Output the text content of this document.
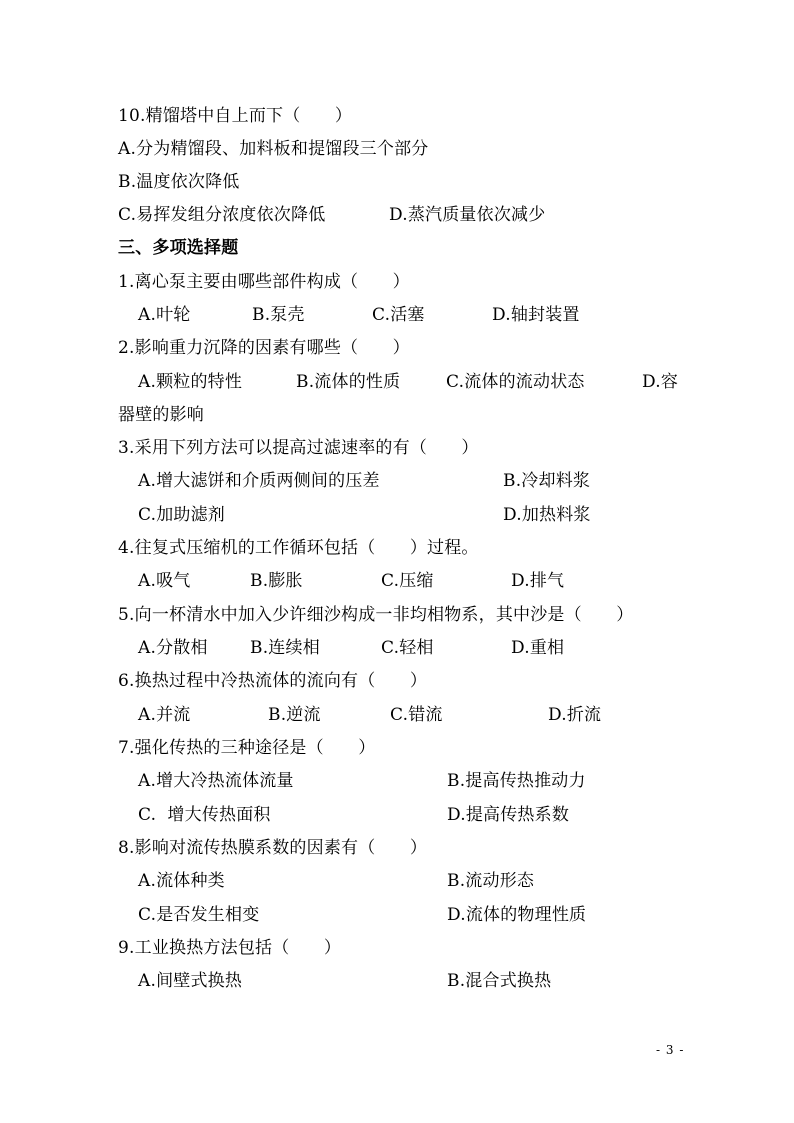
10.精馏塔中自上而下（　　）
A.分为精馏段、加料板和提馏段三个部分
B.温度依次降低
C.易挥发组分浓度依次降低	D.蒸汽质量依次减少
三、多项选择题
1.离心泵主要由哪些部件构成（　　）
A.叶轮	B.泵壳	C.活塞	D.轴封装置
2.影响重力沉降的因素有哪些（　　）
A.颗粒的特性	B.流体的性质	C.流体的流动状态	D.容
器壁的影响
3.采用下列方法可以提高过滤速率的有（　　）
A.增大滤饼和介质两侧间的压差	B.冷却料浆
C.加助滤剂	D.加热料浆
4.往复式压缩机的工作循环包括（　　）过程。
A.吸气	B.膨胀	C.压缩	D.排气
5.向一杯清水中加入少许细沙构成一非均相物系，其中沙是（　　）
A.分散相 B.连续相	C.轻相	D.重相
6.换热过程中冷热流体的流向有（　　）
A.并流	B.逆流	C.错流	D.折流
7.强化传热的三种途径是（　　）
A.增大冷热流体流量	B.提高传热推动力
C.  增大传热面积	D.提高传热系数
8.影响对流传热膜系数的因素有（　　）
A.流体种类	B.流动形态
C.是否发生相变	D.流体的物理性质
9.工业换热方法包括（　　）
A.间壁式换热	B.混合式换热
- 3 -
